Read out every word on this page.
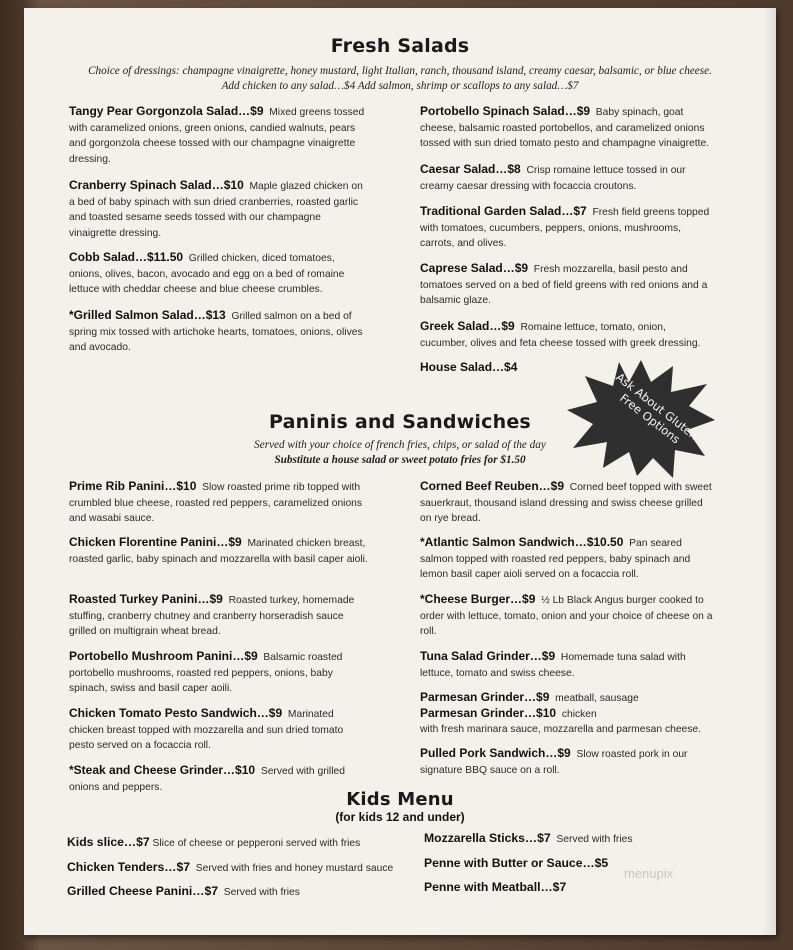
Fresh Salads
Choice of dressings: champagne vinaigrette, honey mustard, light Italian, ranch, thousand island, creamy caesar, balsamic, or blue cheese.
Add chicken to any salad…$4 Add salmon, shrimp or scallops to any salad…$7
Tangy Pear Gorgonzola Salad…$9 Mixed greens tossed with caramelized onions, green onions, candied walnuts, pears and gorgonzola cheese tossed with our champagne vinaigrette dressing.
Cranberry Spinach Salad…$10 Maple glazed chicken on a bed of baby spinach with sun dried cranberries, roasted garlic and toasted sesame seeds tossed with our champagne vinaigrette dressing.
Cobb Salad…$11.50 Grilled chicken, diced tomatoes, onions, olives, bacon, avocado and egg on a bed of romaine lettuce with cheddar cheese and blue cheese crumbles.
*Grilled Salmon Salad…$13 Grilled salmon on a bed of spring mix tossed with artichoke hearts, tomatoes, onions, olives and avocado.
Portobello Spinach Salad…$9 Baby spinach, goat cheese, balsamic roasted portobellos, and caramelized onions tossed with sun dried tomato pesto and champagne vinaigrette.
Caesar Salad…$8 Crisp romaine lettuce tossed in our creamy caesar dressing with focaccia croutons.
Traditional Garden Salad…$7 Fresh field greens topped with tomatoes, cucumbers, peppers, onions, mushrooms, carrots, and olives.
Caprese Salad…$9 Fresh mozzarella, basil pesto and tomatoes served on a bed of field greens with red onions and a balsamic glaze.
Greek Salad…$9 Romaine lettuce, tomato, onion, cucumber, olives and feta cheese tossed with greek dressing.
House Salad…$4
Ask About Gluten-Free Options
Paninis and Sandwiches
Served with your choice of french fries, chips, or salad of the day
Substitute a house salad or sweet potato fries for $1.50
Prime Rib Panini…$10 Slow roasted prime rib topped with crumbled blue cheese, roasted red peppers, caramelized onions and wasabi sauce.
Chicken Florentine Panini…$9 Marinated chicken breast, roasted garlic, baby spinach and mozzarella with basil caper aioli.
Roasted Turkey Panini…$9 Roasted turkey, homemade stuffing, cranberry chutney and cranberry horseradish sauce grilled on multigrain wheat bread.
Portobello Mushroom Panini…$9 Balsamic roasted portobello mushrooms, roasted red peppers, onions, baby spinach, swiss and basil caper aoili.
Chicken Tomato Pesto Sandwich…$9 Marinated chicken breast topped with mozzarella and sun dried tomato pesto served on a focaccia roll.
*Steak and Cheese Grinder…$10 Served with grilled onions and peppers.
Corned Beef Reuben…$9 Corned beef topped with sweet sauerkraut, thousand island dressing and swiss cheese grilled on rye bread.
*Atlantic Salmon Sandwich…$10.50 Pan seared salmon topped with roasted red peppers, baby spinach and lemon basil caper aioli served on a focaccia roll.
*Cheese Burger…$9 ½ Lb Black Angus burger cooked to order with lettuce, tomato, onion and your choice of cheese on a roll.
Tuna Salad Grinder…$9 Homemade tuna salad with lettuce, tomato and swiss cheese.
Parmesan Grinder…$9 meatball, sausage
Parmesan Grinder…$10 chicken
with fresh marinara sauce, mozzarella and parmesan cheese.
Pulled Pork Sandwich…$9 Slow roasted pork in our signature BBQ sauce on a roll.
Kids Menu
(for kids 12 and under)
Kids slice…$7 Slice of cheese or pepperoni served with fries
Chicken Tenders…$7 Served with fries and honey mustard sauce
Grilled Cheese Panini…$7 Served with fries
Mozzarella Sticks…$7 Served with fries
Penne with Butter or Sauce…$5
Penne with Meatball…$7
menupix
